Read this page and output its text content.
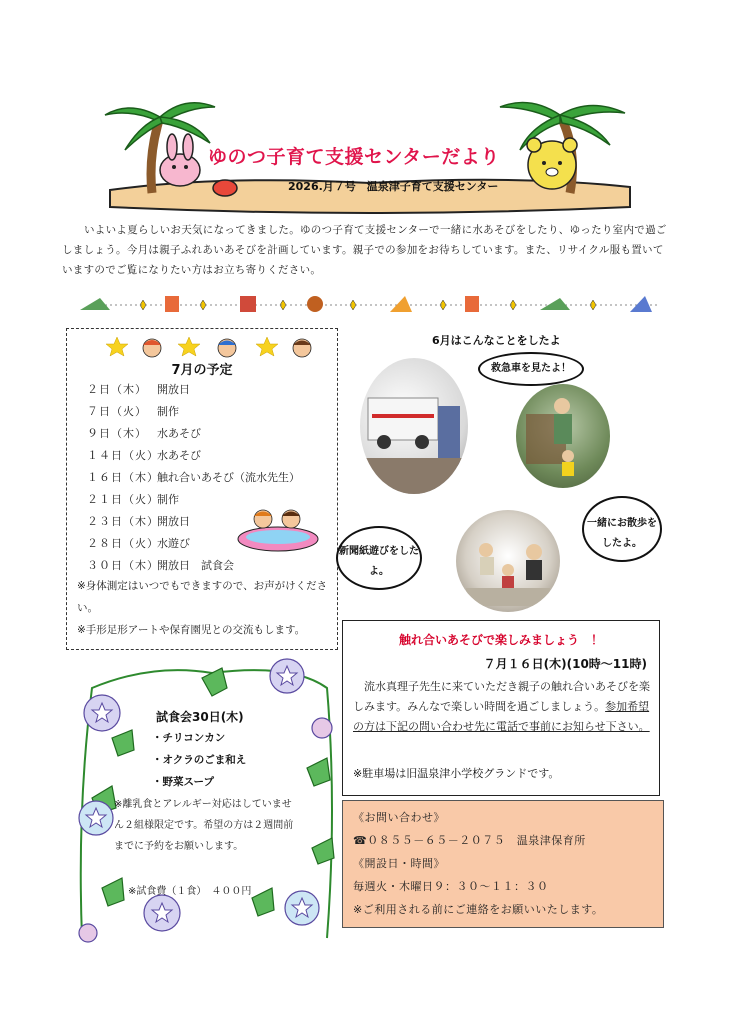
ゆのつ子育て支援センターだより
2026.月７号　温泉津子育て支援センター
いよいよ夏らしいお天気になってきました。ゆのつ子育て支援センターで一緒に水あそびをしたり、ゆったり室内で過ごしましょう。今月は親子ふれあいあそびを計画しています。親子での参加をお待ちしています。また、リサイクル服も置いていますのでご覧になりたい方はお立ち寄りください。
7月の予定
２日（木） 開放日
７日（火） 制作
９日（木） 水あそび
１４日（火）水あそび
１６日（木）触れ合いあそび（流水先生）
２１日（火）制作
２３日（木）開放日
２８日（火）水遊び
３０日（木）開放日　試食会
※身体測定はいつでもできますので、お声がけください。
※手形足形アートや保育園児との交流もします。
6月はこんなことをしたよ
救急車を見たよ！
一緒にお散歩をしたよ。
新聞紙遊びをしたよ。
触れ合いあそびで楽しみましょう　！
７月１６日(木)(10時～11時)
流水真理子先生に来ていただき親子の触れ合いあそびを楽しみます。みんなで楽しい時間を過ごしましょう。参加希望の方は下記の問い合わせ先に電話で事前にお知らせ下さい。
※駐車場は旧温泉津小学校グランドです。
《お問い合わせ》
☎０８５５－６５－２０７５　温泉津保育所
《開設日・時間》
毎週火・木曜日９：３０～１１：３０
※ご利用される前にご連絡をお願いいたします。
試食会30日(木)
・チリコンカン
・オクラのごま和え
・野菜スープ
※離乳食とアレルギー対応はしていません２組様限定です。希望の方は２週間前までに予約をお願いします。
※試食費（１食）　４００円
